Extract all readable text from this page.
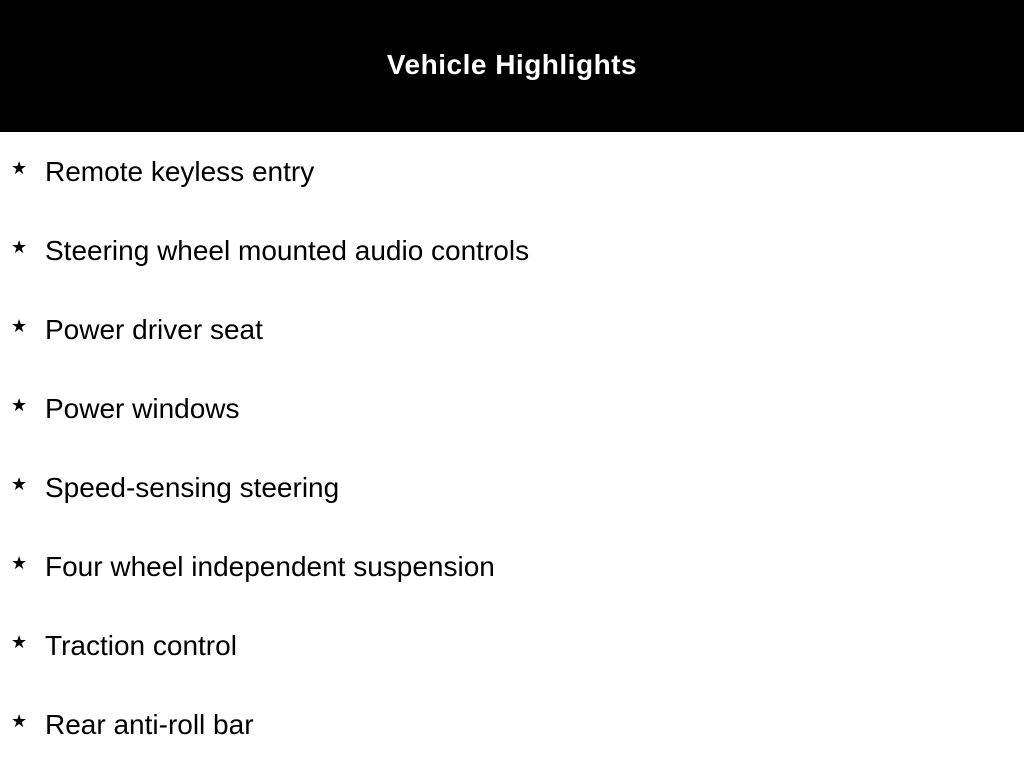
Vehicle Highlights
★ Remote keyless entry
★ Steering wheel mounted audio controls
★ Power driver seat
★ Power windows
★ Speed-sensing steering
★ Four wheel independent suspension
★ Traction control
★ Rear anti-roll bar
